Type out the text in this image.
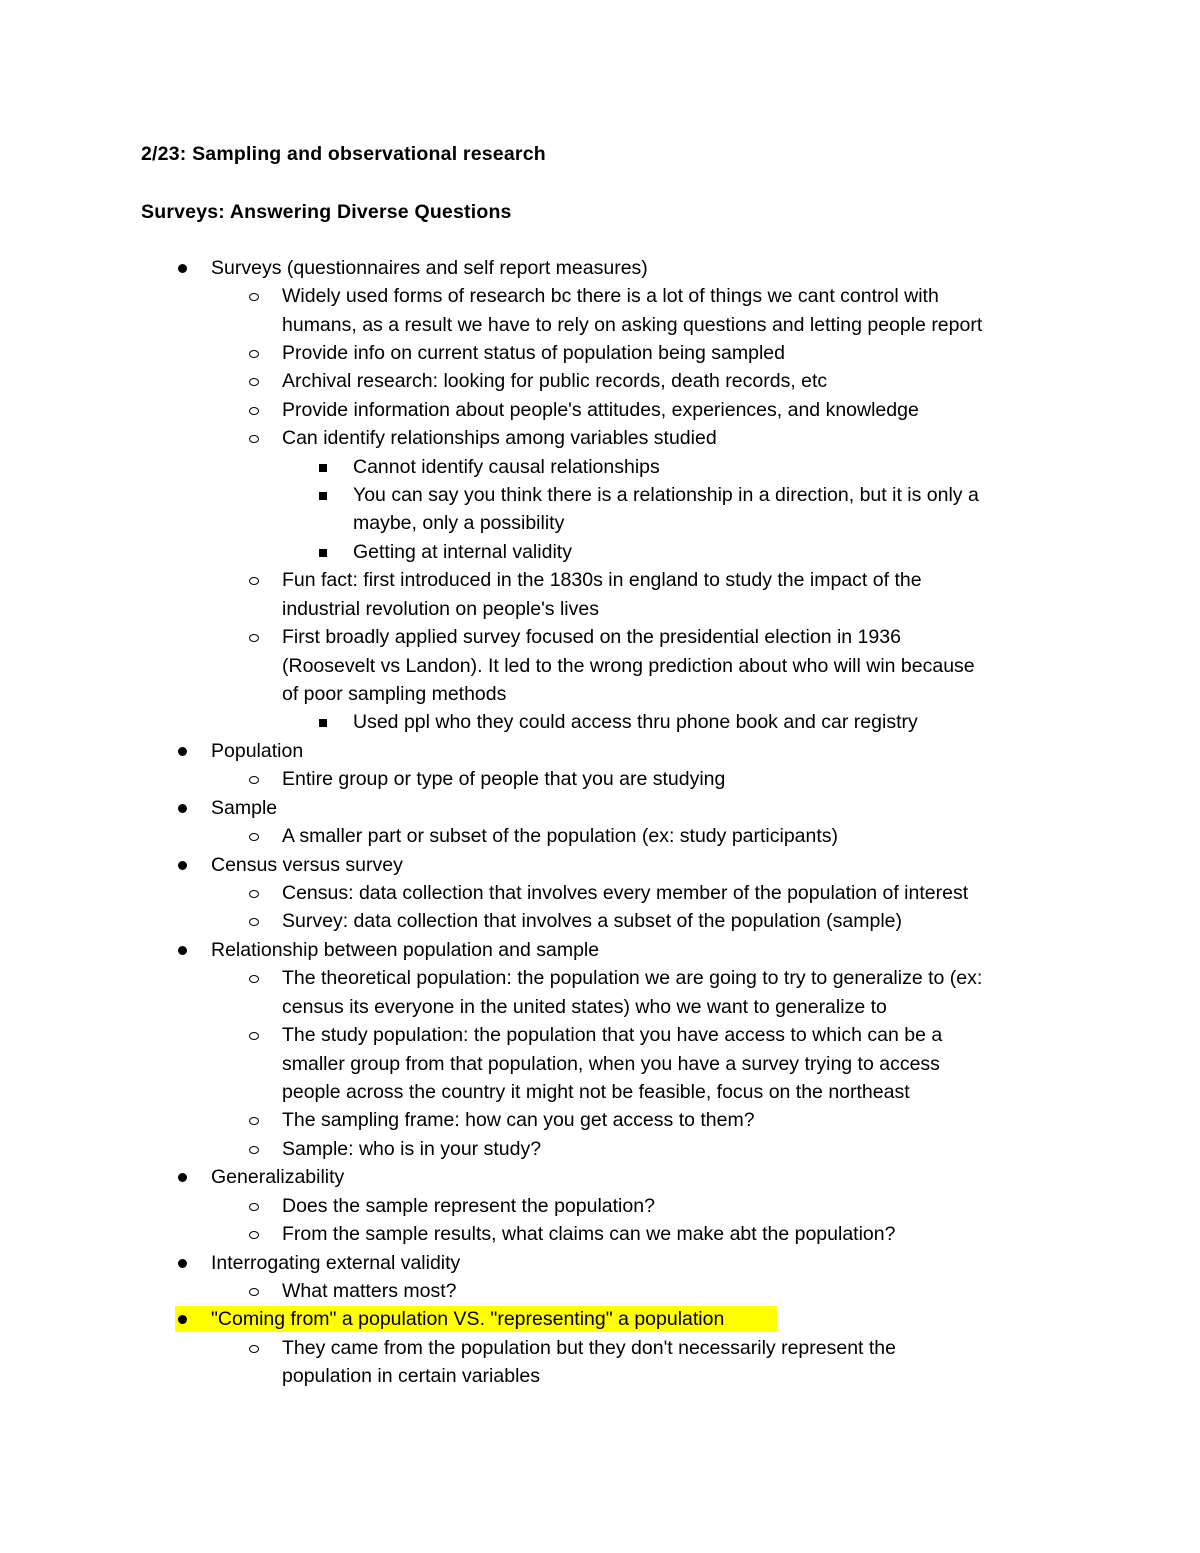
2/23: Sampling and observational research
Surveys: Answering Diverse Questions
Surveys (questionnaires and self report measures)
Widely used forms of research bc there is a lot of things we cant control with
humans, as a result we have to rely on asking questions and letting people report
Provide info on current status of population being sampled
Archival research: looking for public records, death records, etc
Provide information about people's attitudes, experiences, and knowledge
Can identify relationships among variables studied
Cannot identify causal relationships
You can say you think there is a relationship in a direction, but it is only a
maybe, only a possibility
Getting at internal validity
Fun fact: first introduced in the 1830s in england to study the impact of the
industrial revolution on people's lives
First broadly applied survey focused on the presidential election in 1936
(Roosevelt vs Landon). It led to the wrong prediction about who will win because
of poor sampling methods
Used ppl who they could access thru phone book and car registry
Population
Entire group or type of people that you are studying
Sample
A smaller part or subset of the population (ex: study participants)
Census versus survey
Census: data collection that involves every member of the population of interest
Survey: data collection that involves a subset of the population (sample)
Relationship between population and sample
The theoretical population: the population we are going to try to generalize to (ex:
census its everyone in the united states) who we want to generalize to
The study population: the population that you have access to which can be a
smaller group from that population, when you have a survey trying to access
people across the country it might not be feasible, focus on the northeast
The sampling frame: how can you get access to them?
Sample: who is in your study?
Generalizability
Does the sample represent the population?
From the sample results, what claims can we make abt the population?
Interrogating external validity
What matters most?
"Coming from" a population VS. "representing" a population
They came from the population but they don't necessarily represent the
population in certain variables
